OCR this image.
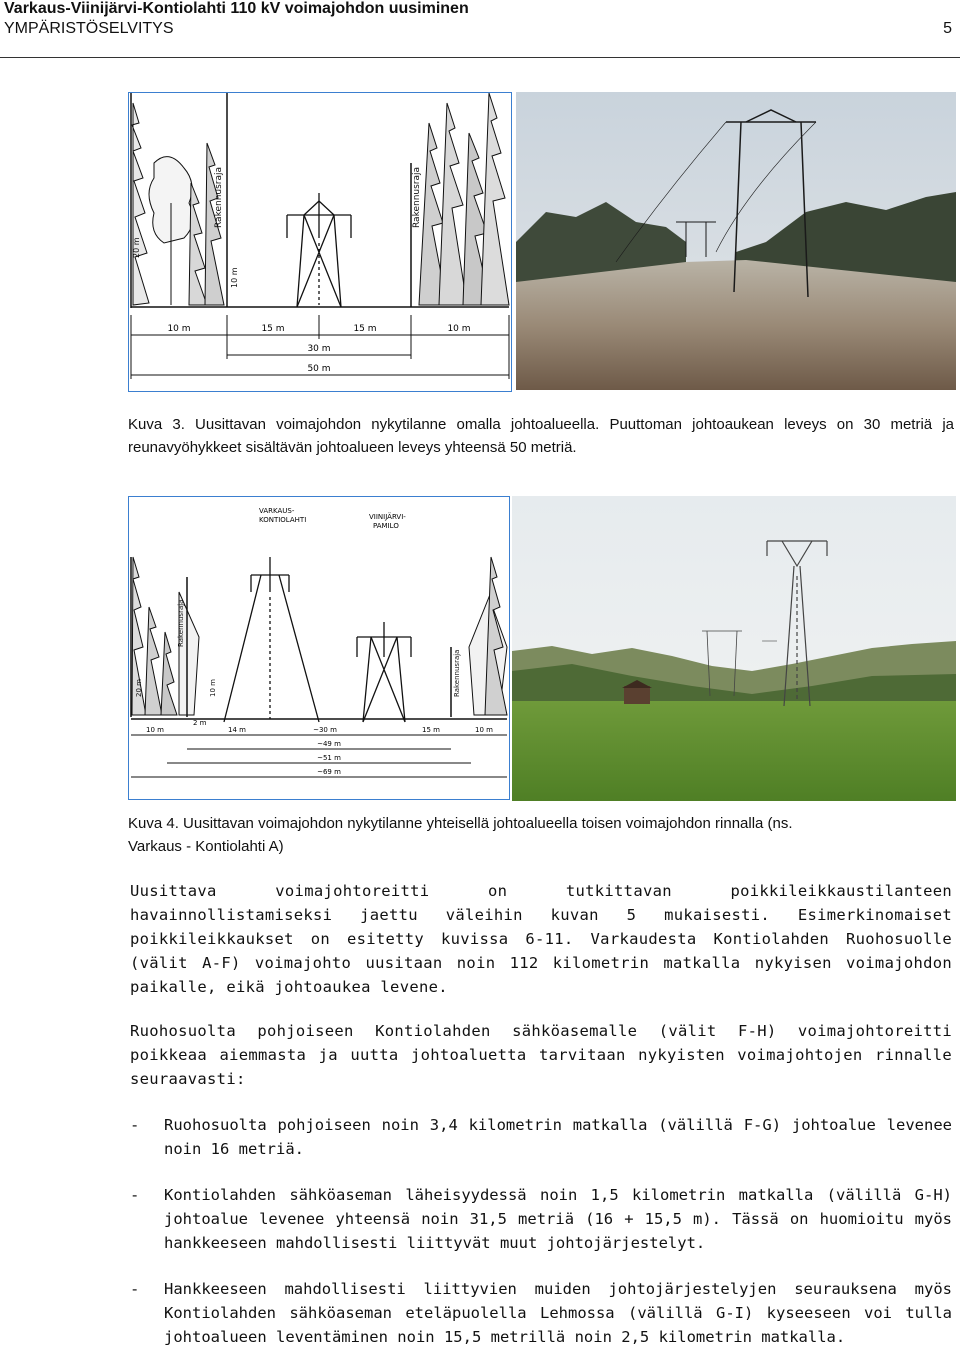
Varkaus-Viinijärvi-Kontiolahti 110 kV voimajohdon uusiminen
YMPÄRISTÖSELVITYS	5
Rakennusraja
20 m
10 m
Rakennusraja
10 m	15 m	15 m	10 m
30 m
50 m
Kuva 3. Uusittavan voimajohdon nykytilanne omalla johtoalueella. Puuttoman johtoaukean leveys on 30 metriä ja reunavyöhykkeet sisältävän johtoalueen leveys yhteensä 50 metriä.
VARKAUS-
KONTIOLAHTI	VIINIJÄRVI-
PAMILO
Rakennusraja
20 m	10 m
2 m
Rakennusraja
10 m	14 m	~30 m	15 m	10 m
~49 m
~51 m
~69 m
Kuva 4. Uusittavan voimajohdon nykytilanne yhteisellä johtoalueella toisen voimajohdon rinnalla (ns.
Varkaus - Kontiolahti A)
Uusittava voimajohtoreitti on tutkittavan poikkileikkaustilanteen havainnollistamiseksi jaettu väleihin kuvan 5 mukaisesti. Esimerkinomaiset poikkileikkaukset on esitetty kuvissa 6-11. Varkaudesta Kontiolahden Ruohosuolle (välit A-F) voimajohto uusitaan noin 112 kilometrin matkalla nykyisen voimajohdon paikalle, eikä johtoaukea levene.
Ruohosuolta pohjoiseen Kontiolahden sähköasemalle (välit F-H) voimajohtoreitti poikkeaa aiemmasta ja uutta johtoaluetta tarvitaan nykyisten voimajohtojen rinnalle seuraavasti:
- Ruohosuolta pohjoiseen noin 3,4 kilometrin matkalla (välillä F-G) johtoalue levenee noin 16 metriä.
- Kontiolahden sähköaseman läheisyydessä noin 1,5 kilometrin matkalla (välillä G-H) johtoalue levenee yhteensä noin 31,5 metriä (16 + 15,5 m). Tässä on huomioitu myös hankkeeseen mahdollisesti liittyvät muut johtojärjestelyt.
- Hankkeeseen mahdollisesti liittyvien muiden johtojärjestelyjen seurauksena myös Kontiolahden sähköaseman eteläpuolella Lehmossa (välillä G-I) kyseeseen voi tulla johtoalueen leventäminen noin 15,5 metrillä noin 2,5 kilometrin matkalla.
